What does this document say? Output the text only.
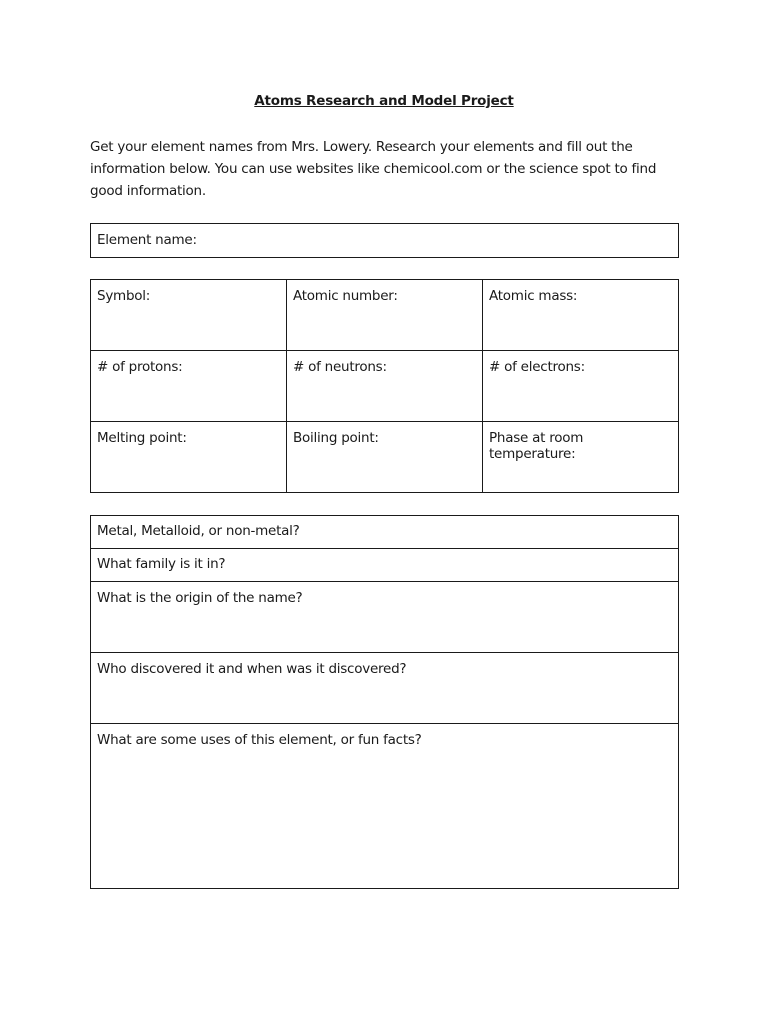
Atoms Research and Model Project

Get your element names from Mrs. Lowery. Research your elements and fill out the information below. You can use websites like chemicool.com or the science spot to find good information.

Element name:
Symbol:	Atomic number:	Atomic mass:
# of protons:	# of neutrons:	# of electrons:
Melting point:	Boiling point:	Phase at room temperature:
Metal, Metalloid, or non-metal?
What family is it in?
What is the origin of the name?
Who discovered it and when was it discovered?
What are some uses of this element, or fun facts?
